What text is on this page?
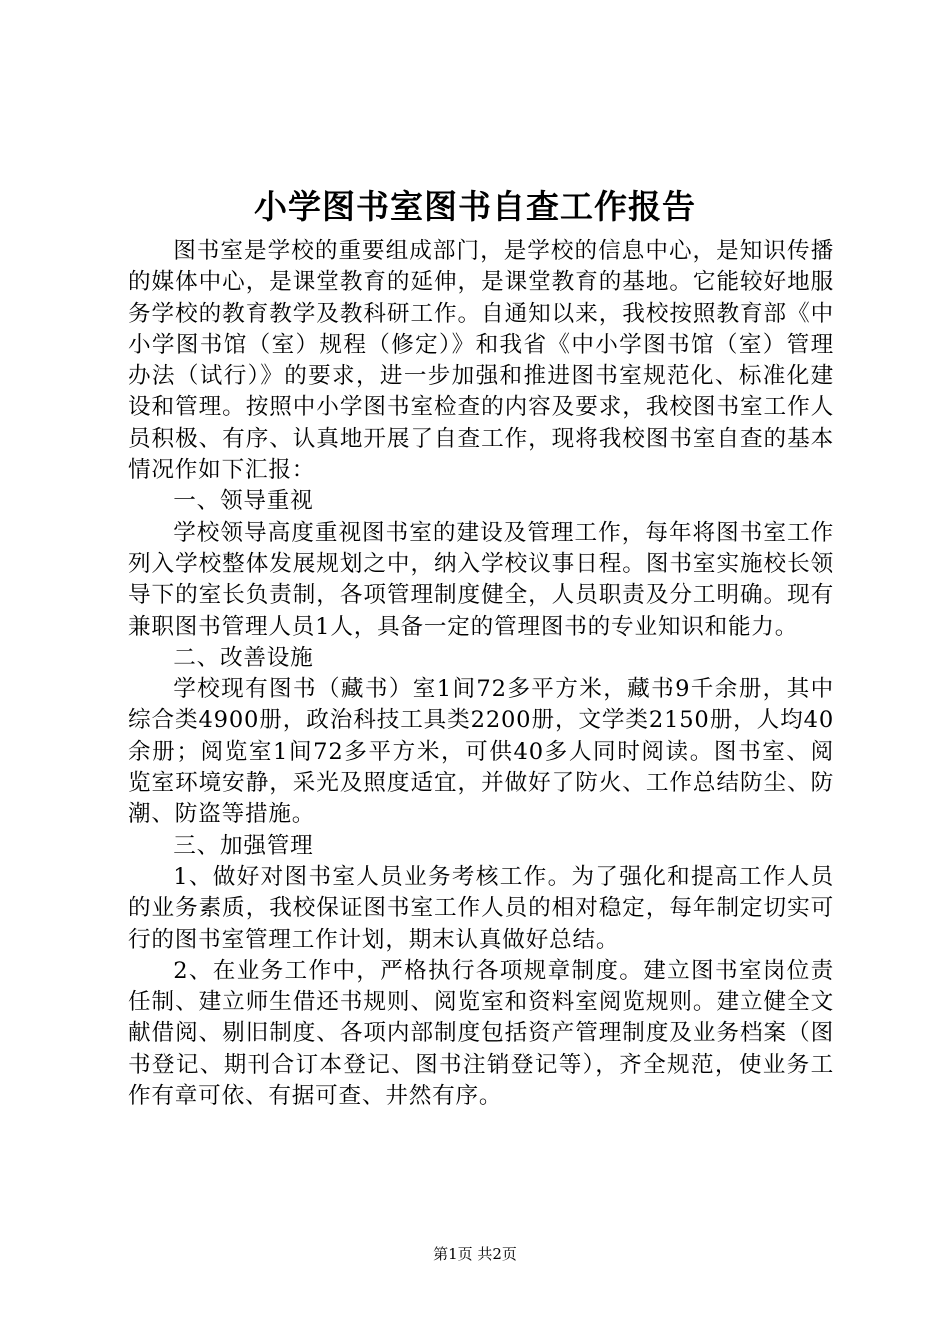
小学图书室图书自查工作报告

图书室是学校的重要组成部门，是学校的信息中心，是知识传播的媒体中心，是课堂教育的延伸，是课堂教育的基地。它能较好地服务学校的教育教学及教科研工作。自通知以来，我校按照教育部《中小学图书馆（室）规程（修定）》和我省《中小学图书馆（室）管理办法（试行）》的要求，进一步加强和推进图书室规范化、标准化建设和管理。按照中小学图书室检查的内容及要求，我校图书室工作人员积极、有序、认真地开展了自查工作，现将我校图书室自查的基本情况作如下汇报：

一、领导重视

学校领导高度重视图书室的建设及管理工作，每年将图书室工作列入学校整体发展规划之中，纳入学校议事日程。图书室实施校长领导下的室长负责制，各项管理制度健全，人员职责及分工明确。现有兼职图书管理人员1人，具备一定的管理图书的专业知识和能力。

二、改善设施

学校现有图书（藏书）室1间72多平方米，藏书9千余册，其中综合类4900册，政治科技工具类2200册，文学类2150册，人均40余册；阅览室1间72多平方米，可供40多人同时阅读。图书室、阅览室环境安静，采光及照度适宜，并做好了防火、工作总结防尘、防潮、防盗等措施。

三、加强管理

1、做好对图书室人员业务考核工作。为了强化和提高工作人员的业务素质，我校保证图书室工作人员的相对稳定，每年制定切实可行的图书室管理工作计划，期末认真做好总结。

2、在业务工作中，严格执行各项规章制度。建立图书室岗位责任制、建立师生借还书规则、阅览室和资料室阅览规则。建立健全文献借阅、剔旧制度、各项内部制度包括资产管理制度及业务档案（图书登记、期刊合订本登记、图书注销登记等），齐全规范，使业务工作有章可依、有据可查、井然有序。

第1页 共2页
